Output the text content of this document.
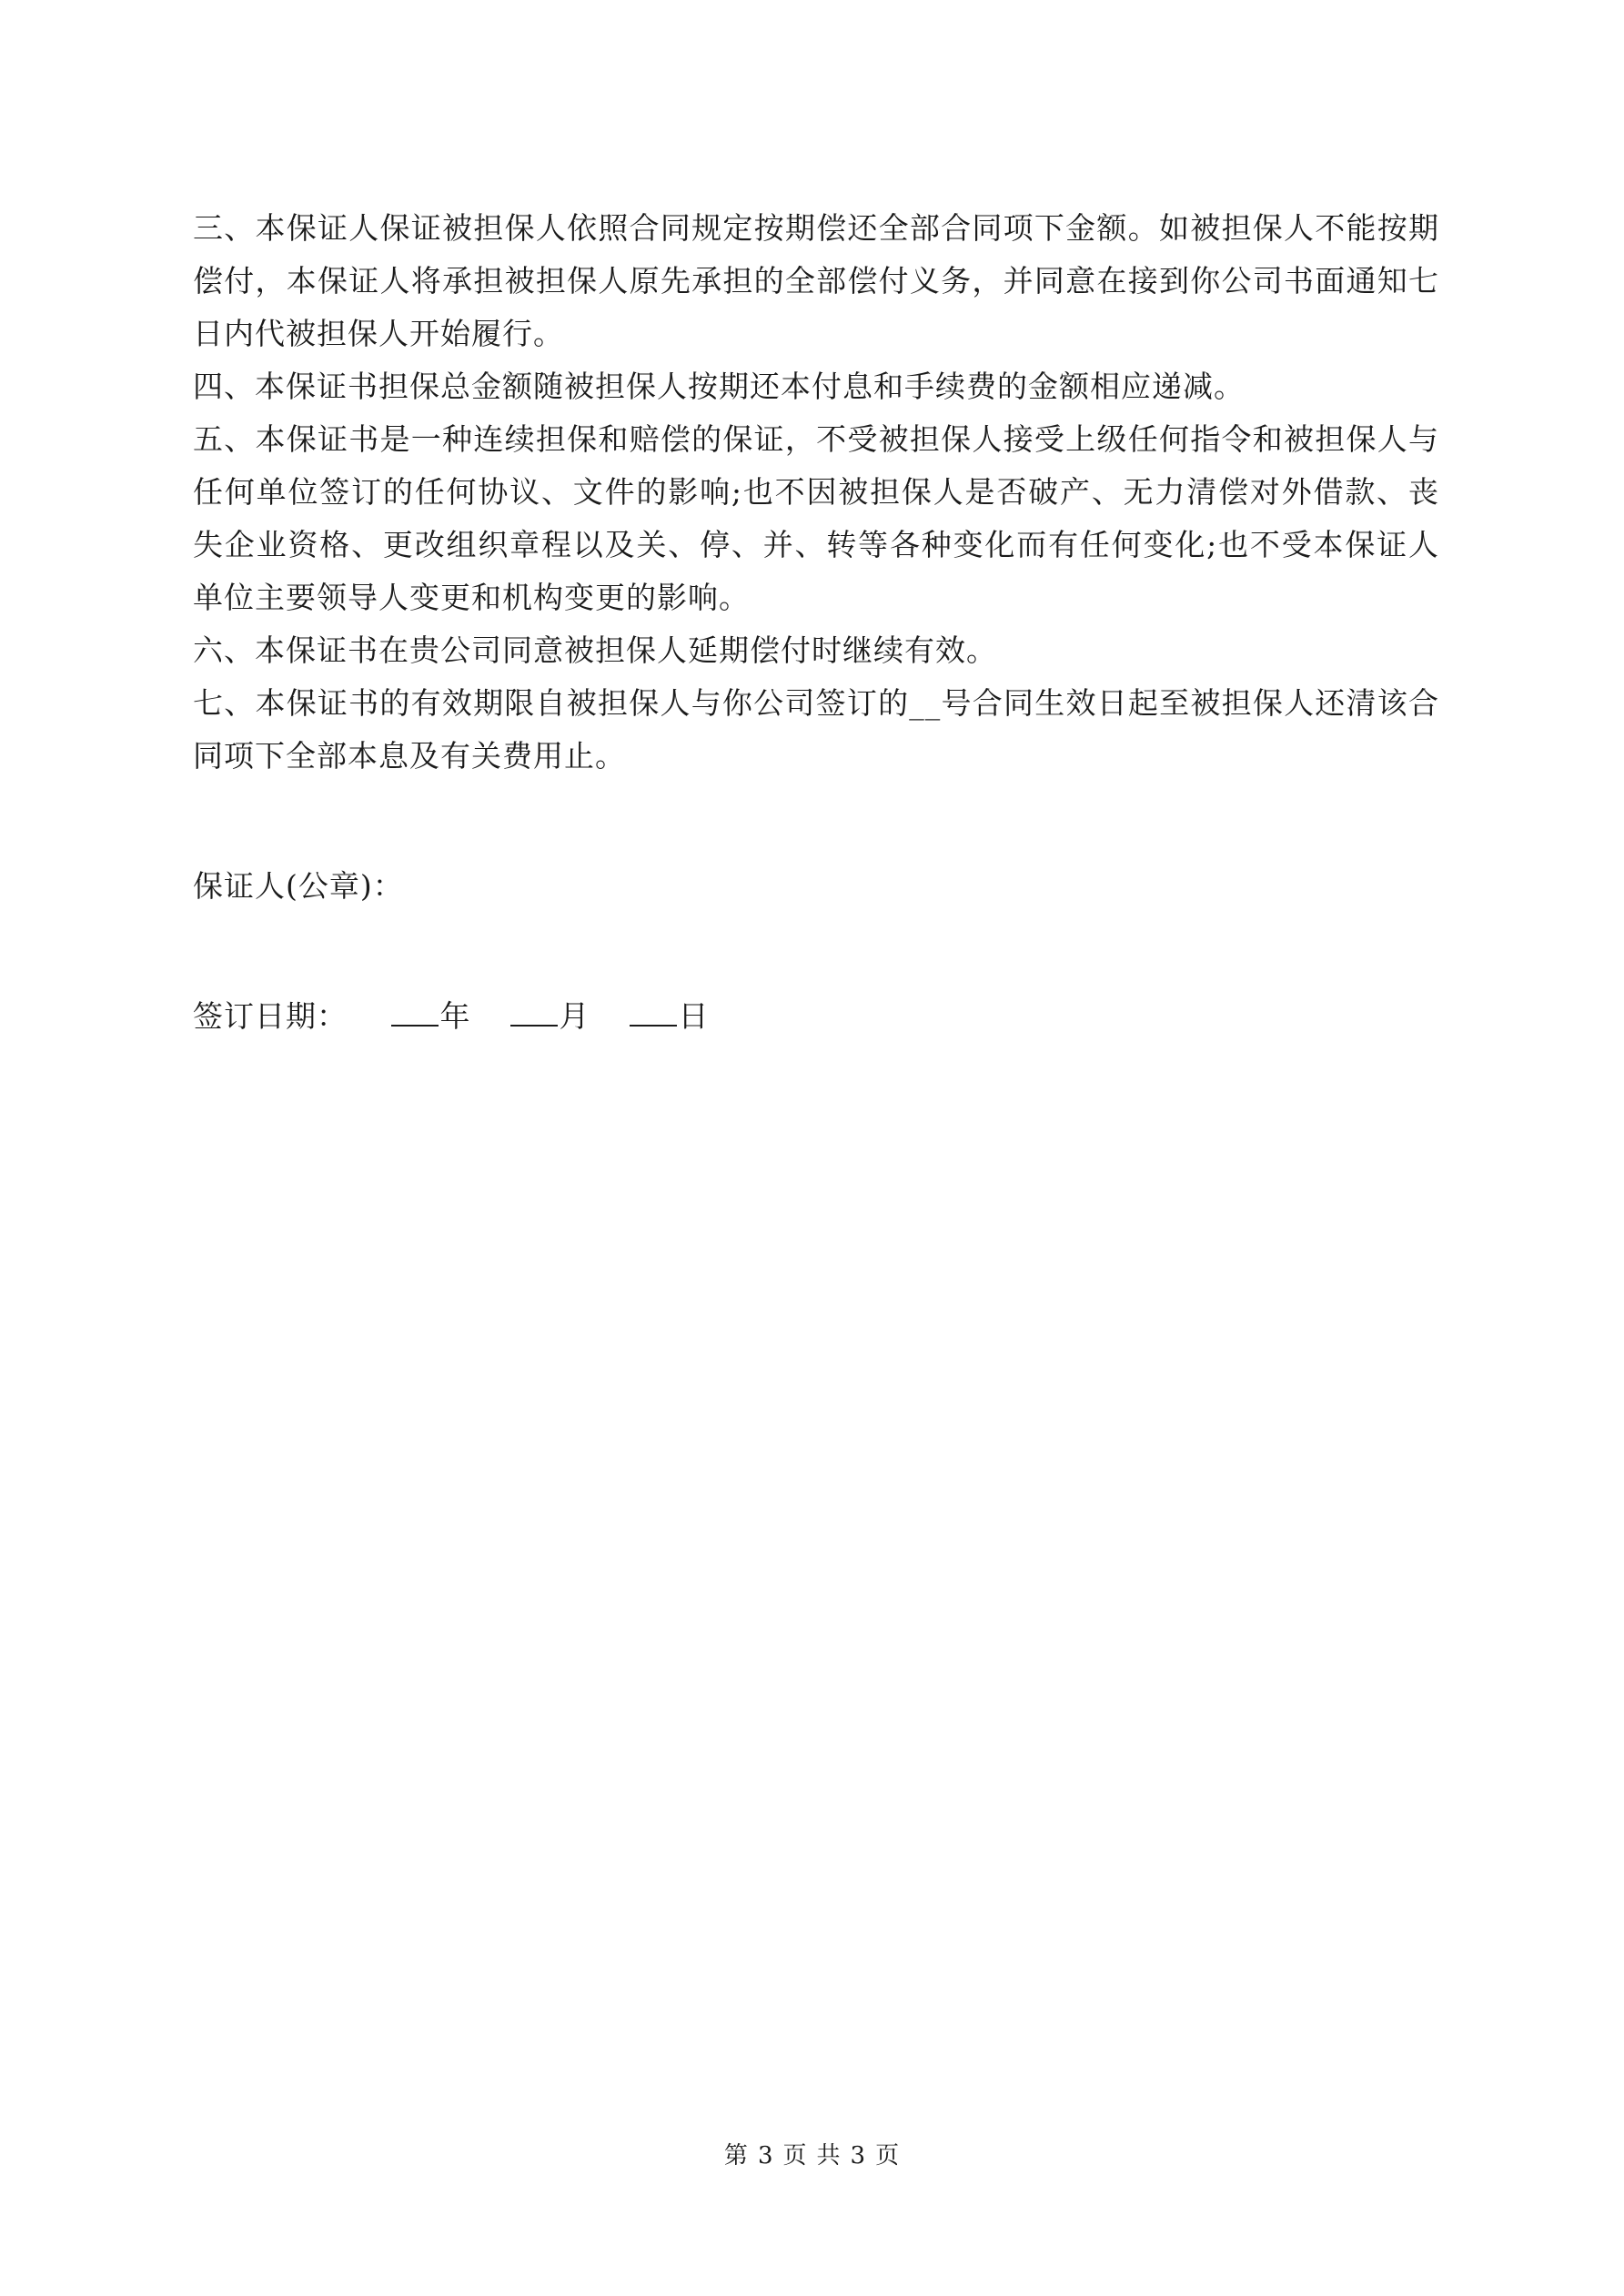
三、本保证人保证被担保人依照合同规定按期偿还全部合同项下金额。如被担保人不能按期偿付，本保证人将承担被担保人原先承担的全部偿付义务，并同意在接到你公司书面通知七日内代被担保人开始履行。

四、本保证书担保总金额随被担保人按期还本付息和手续费的金额相应递减。

五、本保证书是一种连续担保和赔偿的保证，不受被担保人接受上级任何指令和被担保人与任何单位签订的任何协议、文件的影响;也不因被担保人是否破产、无力清偿对外借款、丧失企业资格、更改组织章程以及关、停、并、转等各种变化而有任何变化;也不受本保证人单位主要领导人变更和机构变更的影响。

六、本保证书在贵公司同意被担保人延期偿付时继续有效。

七、本保证书的有效期限自被担保人与你公司签订的__号合同生效日起至被担保人还清该合同项下全部本息及有关费用止。

保证人(公章)：

签订日期：	年	月	日

第 3 页 共 3 页
